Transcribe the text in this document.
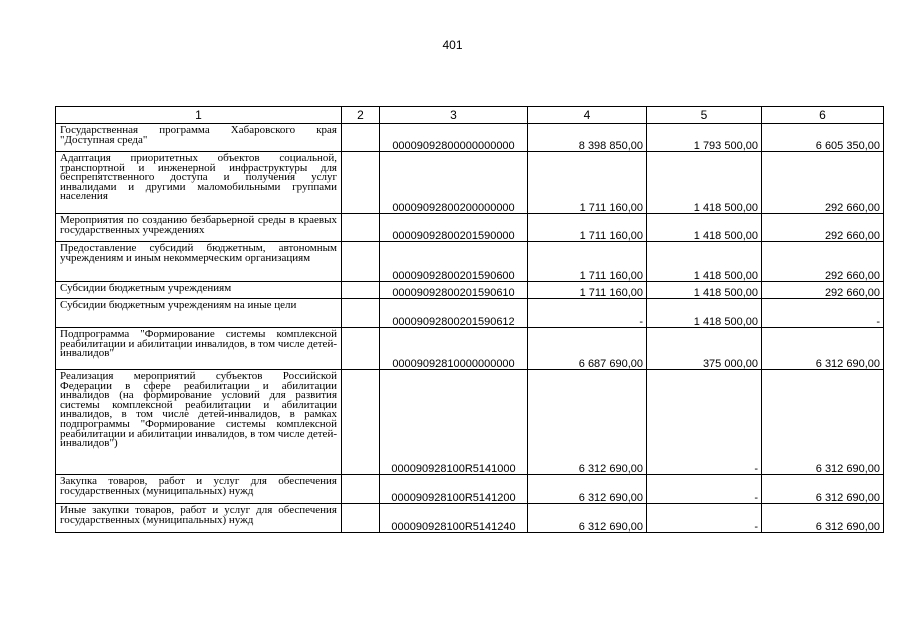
401
1	2	3	4	5	6
Государственная программа Хабаровского края "Доступная среда"		00009092800000000000	8 398 850,00	1 793 500,00	6 605 350,00
Адаптация приоритетных объектов социальной, транспортной и инженерной инфраструктуры для беспрепятственного доступа и получения услуг инвалидами и другими маломобильными группами населения		00009092800200000000	1 711 160,00	1 418 500,00	292 660,00
Мероприятия по созданию безбарьерной среды в краевых государственных учреждениях		00009092800201590000	1 711 160,00	1 418 500,00	292 660,00
Предоставление субсидий бюджетным, автономным учреждениям и иным некоммерческим организациям		00009092800201590600	1 711 160,00	1 418 500,00	292 660,00
Субсидии бюджетным учреждениям		00009092800201590610	1 711 160,00	1 418 500,00	292 660,00
Субсидии бюджетным учреждениям на иные цели		00009092800201590612	-	1 418 500,00	-
Подпрограмма "Формирование системы комплексной реабилитации и абилитации инвалидов, в том числе детей-инвалидов"		00009092810000000000	6 687 690,00	375 000,00	6 312 690,00
Реализация мероприятий субъектов Российской Федерации в сфере реабилитации и абилитации инвалидов (на формирование условий для развития системы комплексной реабилитации и абилитации инвалидов, в том числе детей-инвалидов, в рамках подпрограммы "Формирование системы комплексной реабилитации и абилитации инвалидов, в том числе детей-инвалидов")		000090928100R5141000	6 312 690,00	-	6 312 690,00
Закупка товаров, работ и услуг для обеспечения государственных (муниципальных) нужд		000090928100R5141200	6 312 690,00	-	6 312 690,00
Иные закупки товаров, работ и услуг для обеспечения государственных (муниципальных) нужд		000090928100R5141240	6 312 690,00	-	6 312 690,00
